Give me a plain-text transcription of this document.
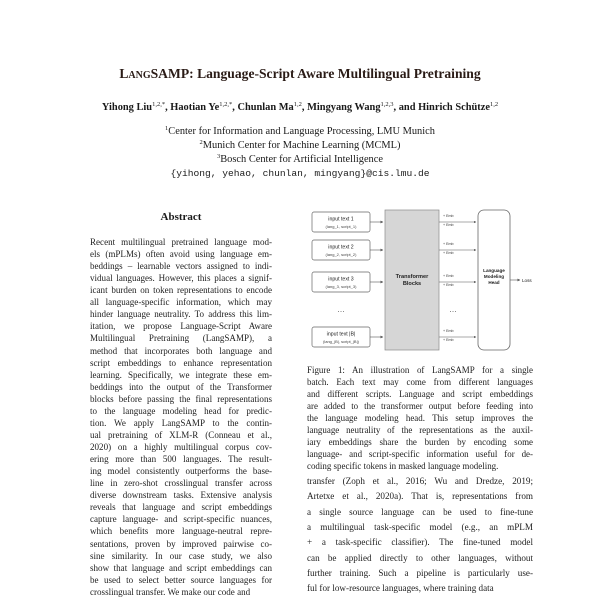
LangSAMP: Language-Script Aware Multilingual Pretraining
Yihong Liu$^{1,2,*}$, Haotian $Ye^{1,2,*}$, Chunlan Ma$^{1,2}$, Mingyang Wang$^{1,2,3}$, and Hinrich Schütze$^{1,2}$
$^1$Center for Information and Language Processing, LMU Munich
$^2$Munich Center for Machine Learning (MCML)
$^3$Bosch Center for Artificial Intelligence
{yihong, yehao, chunlan, mingyang}@cis.lmu.de
Abstract
Recent multilingual pretrained language mod-
els (mPLMs) often avoid using language em-
beddings – learnable vectors assigned to indi-
vidual languages. However, this places a signif-
icant burden on token representations to encode
all language-specific information, which may
hinder language neutrality. To address this lim-
itation, we propose Language-Script Aware
Multilingual Pretraining (LangSAMP), a
method that incorporates both language and
script embeddings to enhance representation
learning. Specifically, we integrate these em-
beddings into the output of the Transformer
blocks before passing the final representations
to the language modeling head for predic-
tion. We apply LangSAMP to the contin-
ual pretraining of XLM-R (Conneau et al.,
2020) on a highly multilingual corpus cov-
ering more than 500 languages. The result-
ing model consistently outperforms the base-
line in zero-shot crosslingual transfer across
diverse downstream tasks. Extensive analysis
reveals that language and script embeddings
capture language- and script-specific nuances,
which benefits more language-neutral repre-
sentations, proven by improved pairwise co-
sine similarity. In our case study, we also
show that language and script embeddings can
be used to select better source languages for
crosslingual transfer. We make our code and
input text 1
(lang_1, script_1)
input text 2
(lang_2, script_2)
input text 3
(lang_3, script_3)
…
input text |B|
(lang_|B|, script_|B|)
Transformer
Blocks
+ Emb
+ Emb
+ Emb
+ Emb
+ Emb
+ Emb
+ Emb
+ Emb
…
Language
Modeling
Head	Loss
Figure 1: An illustration of LangSAMP for a single
batch. Each text may come from different languages
and different scripts. Language and script embeddings
are added to the transformer output before feeding into
the language modeling head. This setup improves the
language neutrality of the representations as the auxil-
iary embeddings share the burden by encoding some
language- and script-specific information useful for de-
coding specific tokens in masked language modeling.
transfer (Zoph et al., 2016; Wu and Dredze, 2019;
Artetxe et al., 2020a). That is, representations from
a single source language can be used to fine-tune
a multilingual task-specific model (e.g., an mPLM
+ a task-specific classifier). The fine-tuned model
can be applied directly to other languages, without
further training. Such a pipeline is particularly use-
ful for low-resource languages, where training data
